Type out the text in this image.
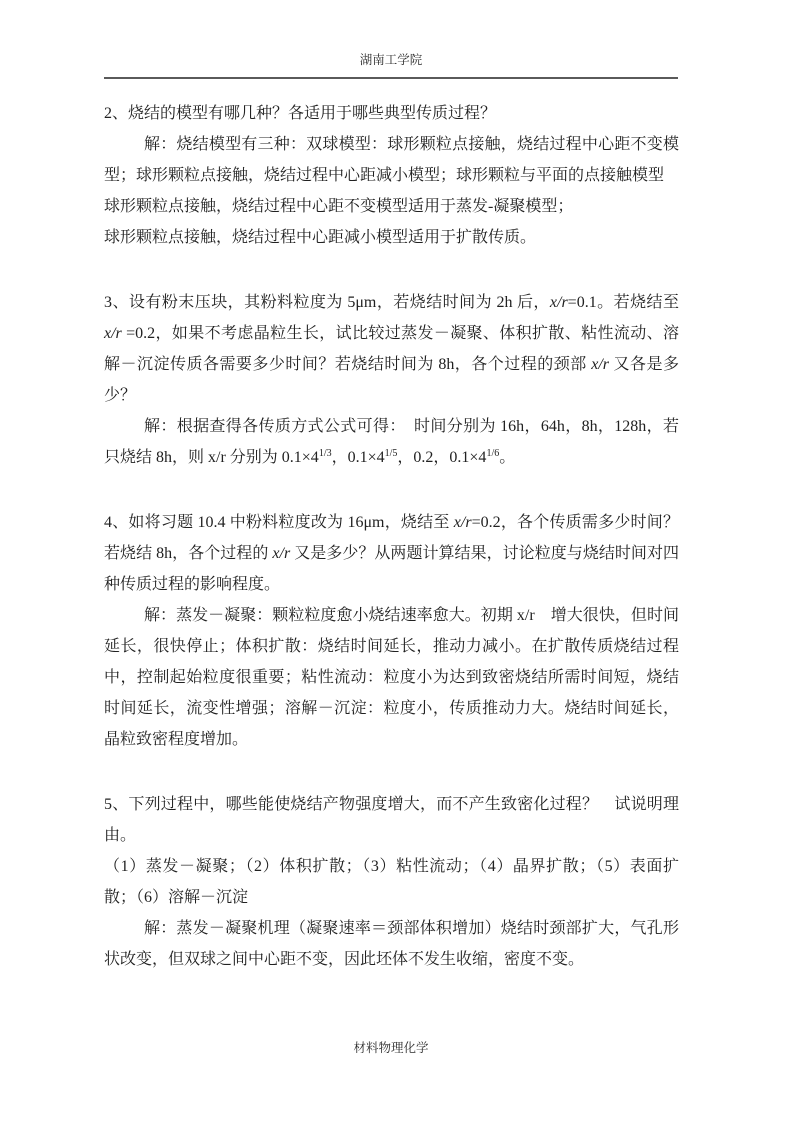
湖南工学院

2、烧结的模型有哪几种？各适用于哪些典型传质过程？

解：烧结模型有三种：双球模型：球形颗粒点接触，烧结过程中心距不变模型；球形颗粒点接触，烧结过程中心距减小模型；球形颗粒与平面的点接触模型

球形颗粒点接触，烧结过程中心距不变模型适用于蒸发-凝聚模型；

球形颗粒点接触，烧结过程中心距减小模型适用于扩散传质。

3、设有粉末压块，其粉料粒度为 5μm，若烧结时间为 2h 后，x/r=0.1。若烧结至 x/r =0.2，如果不考虑晶粒生长，试比较过蒸发－凝聚、体积扩散、粘性流动、溶解－沉淀传质各需要多少时间？若烧结时间为 8h，各个过程的颈部 x/r 又各是多少？

解：根据查得各传质方式公式可得：　时间分别为 16h，64h，8h，128h，若只烧结 8h，则 x/r 分别为 $0.1\times 4^{1/3}$，$0.1\times 4^{1/5}$，0.2，$0.1\times 4^{1/6}$。

4、如将习题 10.4 中粉料粒度改为 16μm，烧结至 x/r=0.2，各个传质需多少时间？若烧结 8h，各个过程的 x/r 又是多少？从两题计算结果，讨论粒度与烧结时间对四种传质过程的影响程度。

解：蒸发－凝聚：颗粒粒度愈小烧结速率愈大。初期 x/r　增大很快，但时间延长，很快停止；体积扩散：烧结时间延长，推动力减小。在扩散传质烧结过程中，控制起始粒度很重要；粘性流动：粒度小为达到致密烧结所需时间短，烧结时间延长，流变性增强；溶解－沉淀：粒度小，传质推动力大。烧结时间延长，晶粒致密程度增加。

5、下列过程中，哪些能使烧结产物强度增大，而不产生致密化过程？　试说明理由。

（1）蒸发－凝聚；（2）体积扩散；（3）粘性流动；（4）晶界扩散；（5）表面扩散；（6）溶解－沉淀

解：蒸发－凝聚机理（凝聚速率＝颈部体积增加）烧结时颈部扩大，气孔形状改变，但双球之间中心距不变，因此坯体不发生收缩，密度不变。

材料物理化学
